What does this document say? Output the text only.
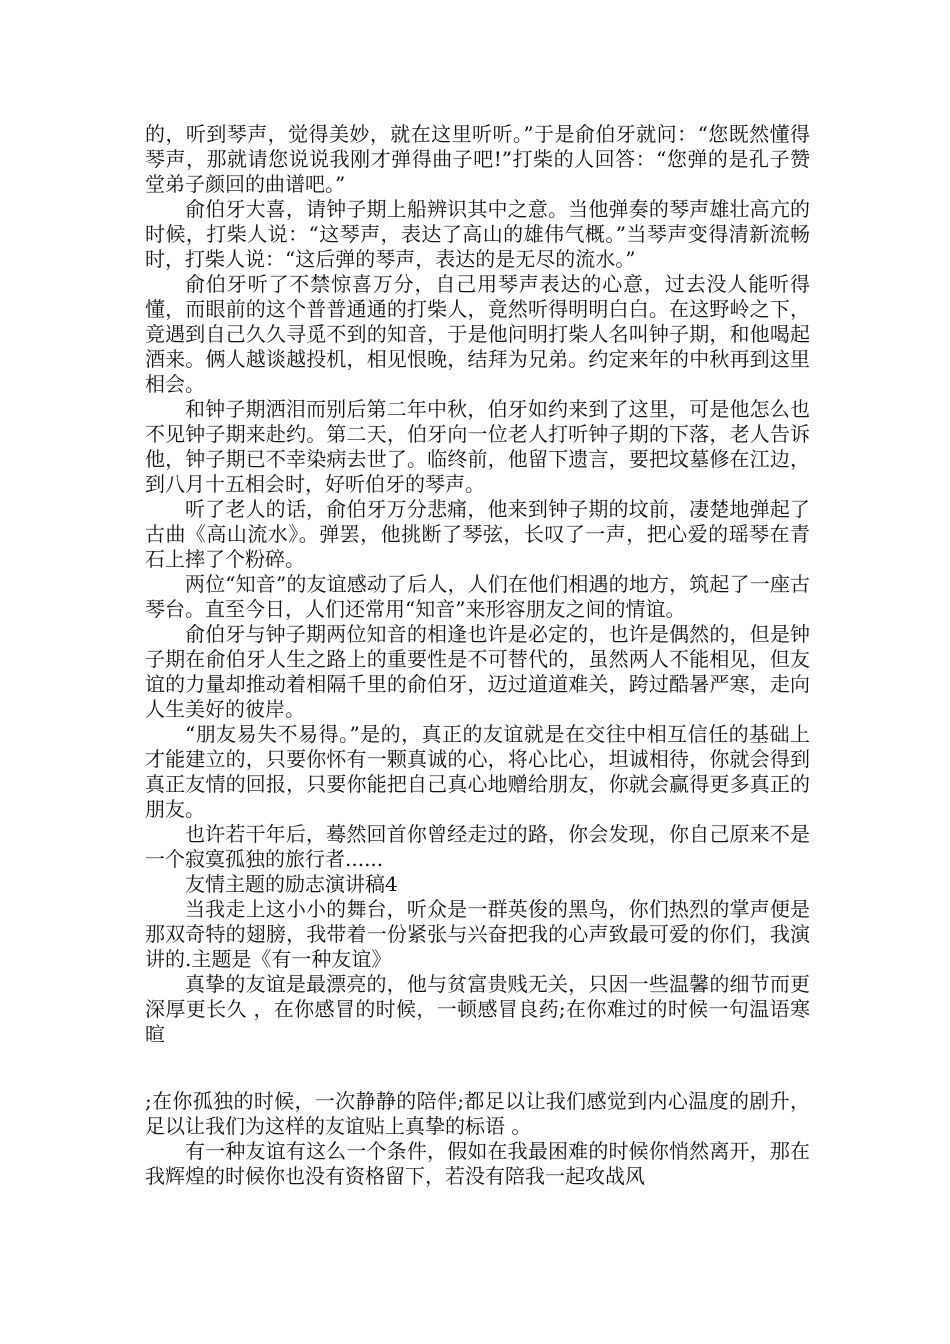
的，听到琴声，觉得美妙，就在这里听听。”于是俞伯牙就问：“您既然懂得琴声，那就请您说说我刚才弹得曲子吧!”打柴的人回答：“您弹的是孔子赞堂弟子颜回的曲谱吧。”

俞伯牙大喜，请钟子期上船辨识其中之意。当他弹奏的琴声雄壮高亢的时候，打柴人说：“这琴声，表达了高山的雄伟气概。”当琴声变得清新流畅时，打柴人说：“这后弹的琴声，表达的是无尽的流水。”

俞伯牙听了不禁惊喜万分，自己用琴声表达的心意，过去没人能听得懂，而眼前的这个普普通通的打柴人，竟然听得明明白白。在这野岭之下，竟遇到自己久久寻觅不到的知音，于是他问明打柴人名叫钟子期，和他喝起酒来。俩人越谈越投机，相见恨晚，结拜为兄弟。约定来年的中秋再到这里相会。

和钟子期洒泪而别后第二年中秋，伯牙如约来到了这里，可是他怎么也不见钟子期来赴约。第二天，伯牙向一位老人打听钟子期的下落，老人告诉他，钟子期已不幸染病去世了。临终前，他留下遗言，要把坟墓修在江边，到八月十五相会时，好听伯牙的琴声。

听了老人的话，俞伯牙万分悲痛，他来到钟子期的坟前，凄楚地弹起了古曲《高山流水》。弹罢，他挑断了琴弦，长叹了一声，把心爱的瑶琴在青石上摔了个粉碎。

两位“知音”的友谊感动了后人，人们在他们相遇的地方，筑起了一座古琴台。直至今日，人们还常用“知音”来形容朋友之间的情谊。

俞伯牙与钟子期两位知音的相逢也许是必定的，也许是偶然的，但是钟子期在俞伯牙人生之路上的重要性是不可替代的，虽然两人不能相见，但友谊的力量却推动着相隔千里的俞伯牙，迈过道道难关，跨过酷暑严寒，走向人生美好的彼岸。

“朋友易失不易得。”是的，真正的友谊就是在交往中相互信任的基础上才能建立的，只要你怀有一颗真诚的心，将心比心，坦诚相待，你就会得到真正友情的回报，只要你能把自己真心地赠给朋友，你就会赢得更多真正的朋友。

也许若干年后，蓦然回首你曾经走过的路，你会发现，你自己原来不是一个寂寞孤独的旅行者......

友情主题的励志演讲稿4

当我走上这小小的舞台，听众是一群英俊的黑鸟，你们热烈的掌声便是那双奇特的翅膀，我带着一份紧张与兴奋把我的心声致最可爱的你们，我演讲的.主题是《有一种友谊》

真挚的友谊是最漂亮的，他与贫富贵贱无关，只因一些温馨的细节而更深厚更长久 ，在你感冒的时候，一顿感冒良药;在你难过的时候一句温语寒暄

;在你孤独的时候，一次静静的陪伴;都足以让我们感觉到内心温度的剧升，足以让我们为这样的友谊贴上真挚的标语 。

有一种友谊有这么一个条件，假如在我最困难的时候你悄然离开，那在我辉煌的时候你也没有资格留下，若没有陪我一起攻战风
